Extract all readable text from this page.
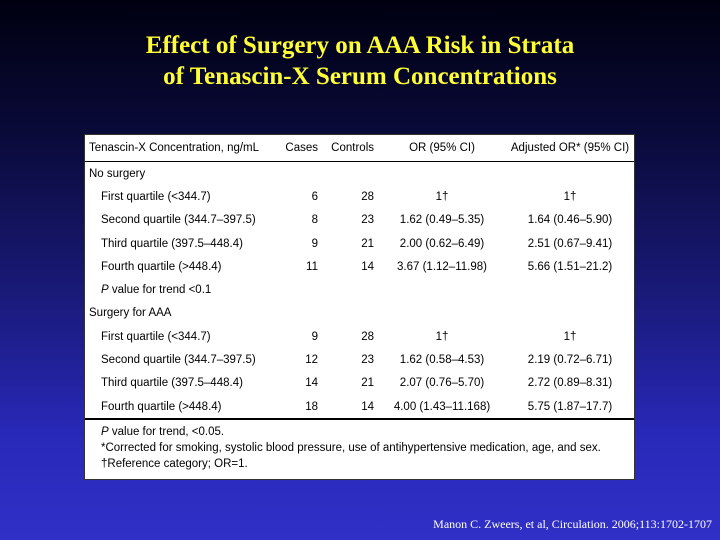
Effect of Surgery on AAA Risk in Strata
of Tenascin-X Serum Concentrations
Tenascin-X Concentration, ng/mL	Cases	Controls	OR (95% CI)	Adjusted OR* (95% CI)
No surgery				
First quartile (<344.7)	6	28	1†	1†
Second quartile (344.7–397.5)	8	23	1.62 (0.49–5.35)	1.64 (0.46–5.90)
Third quartile (397.5–448.4)	9	21	2.00 (0.62–6.49)	2.51 (0.67–9.41)
Fourth quartile (>448.4)	11	14	3.67 (1.12–11.98)	5.66 (1.51–21.2)
P value for trend <0.1				
Surgery for AAA				
First quartile (<344.7)	9	28	1†	1†
Second quartile (344.7–397.5)	12	23	1.62 (0.58–4.53)	2.19 (0.72–6.71)
Third quartile (397.5–448.4)	14	21	2.07 (0.76–5.70)	2.72 (0.89–8.31)
Fourth quartile (>448.4)	18	14	4.00 (1.43–11.168)	5.75 (1.87–17.7)
P value for trend, <0.05.
*Corrected for smoking, systolic blood pressure, use of antihypertensive medication, age, and sex.
†Reference category; OR=1.
Manon C. Zweers, et al, Circulation. 2006;113:1702-1707
